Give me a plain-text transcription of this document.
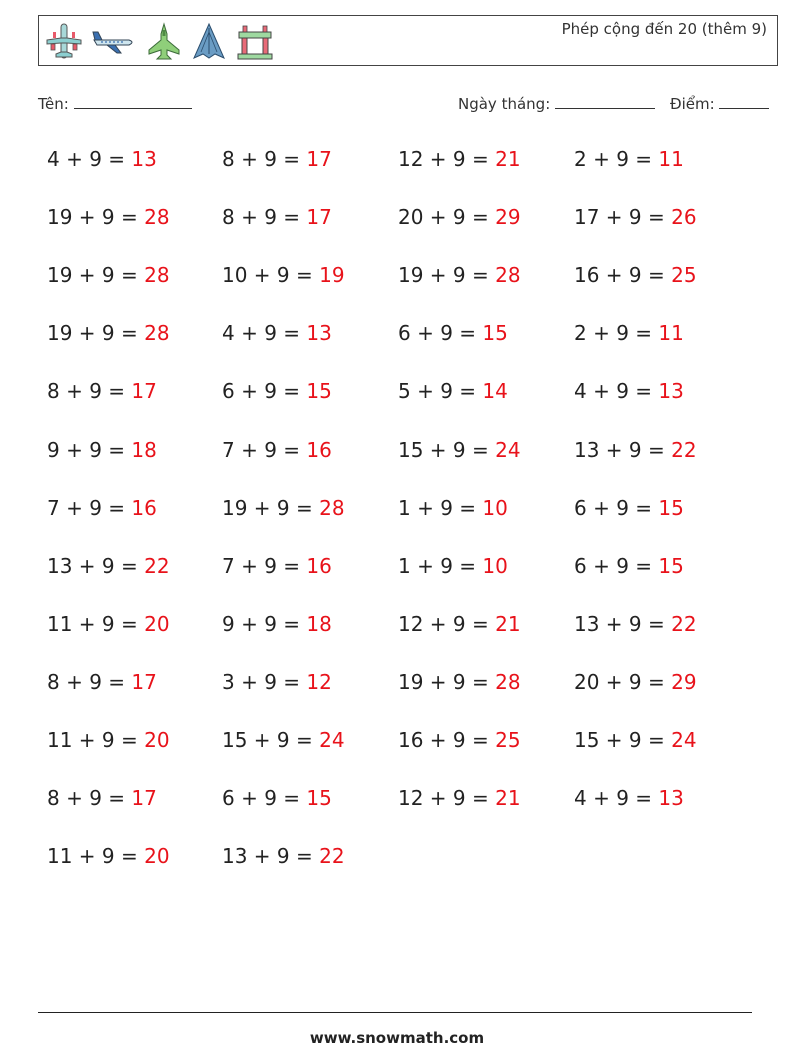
Phép cộng đến 20 (thêm 9)
Tên:	Ngày tháng:	Điểm:
4 + 9 = 13	8 + 9 = 17	12 + 9 = 21	2 + 9 = 11
19 + 9 = 28	8 + 9 = 17	20 + 9 = 29	17 + 9 = 26
19 + 9 = 28	10 + 9 = 19	19 + 9 = 28	16 + 9 = 25
19 + 9 = 28	4 + 9 = 13	6 + 9 = 15	2 + 9 = 11
8 + 9 = 17	6 + 9 = 15	5 + 9 = 14	4 + 9 = 13
9 + 9 = 18	7 + 9 = 16	15 + 9 = 24	13 + 9 = 22
7 + 9 = 16	19 + 9 = 28	1 + 9 = 10	6 + 9 = 15
13 + 9 = 22	7 + 9 = 16	1 + 9 = 10	6 + 9 = 15
11 + 9 = 20	9 + 9 = 18	12 + 9 = 21	13 + 9 = 22
8 + 9 = 17	3 + 9 = 12	19 + 9 = 28	20 + 9 = 29
11 + 9 = 20	15 + 9 = 24	16 + 9 = 25	15 + 9 = 24
8 + 9 = 17	6 + 9 = 15	12 + 9 = 21	4 + 9 = 13
11 + 9 = 20	13 + 9 = 22
www.snowmath.com
